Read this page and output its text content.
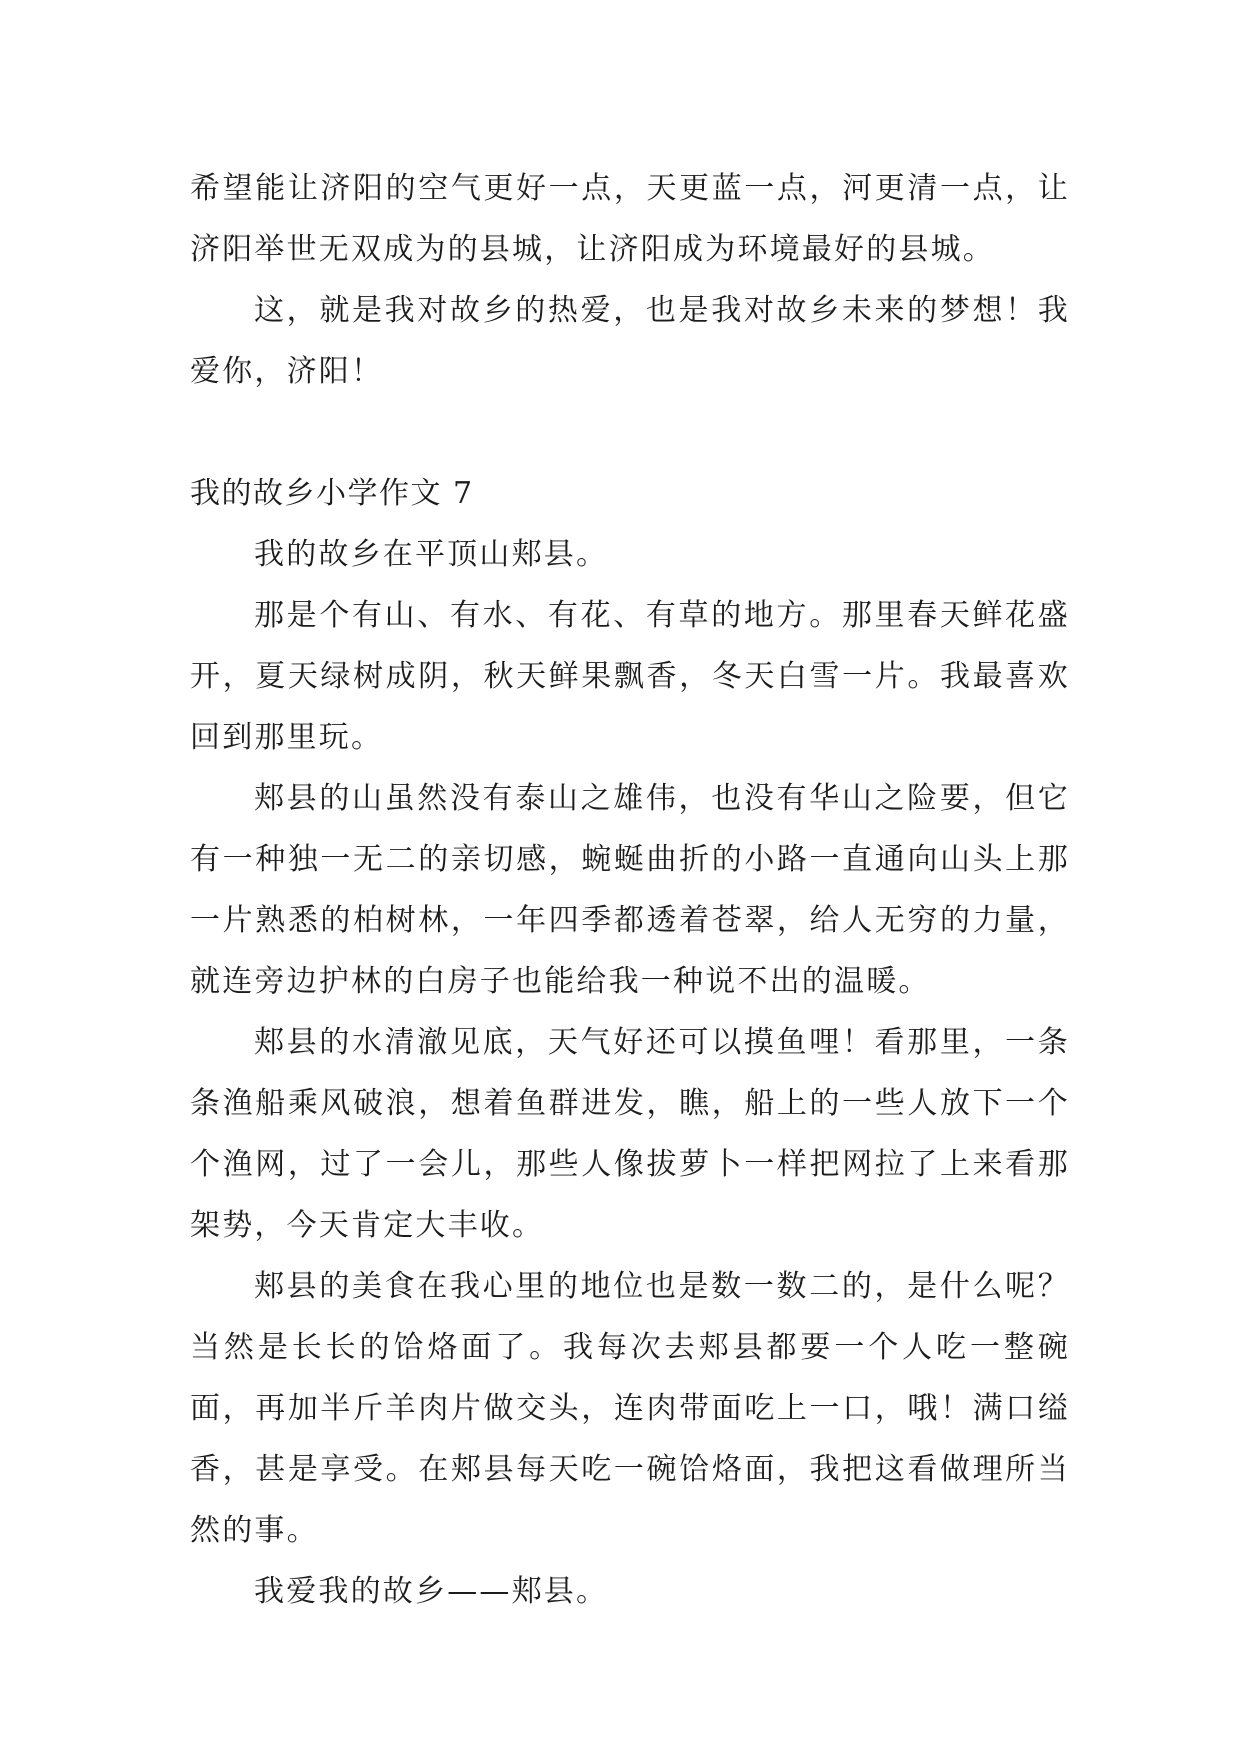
希望能让济阳的空气更好一点，天更蓝一点，河更清一点，让济阳举世无双成为的县城，让济阳成为环境最好的县城。

这，就是我对故乡的热爱，也是我对故乡未来的梦想！我爱你，济阳！

我的故乡小学作文 7

我的故乡在平顶山郏县。

那是个有山、有水、有花、有草的地方。那里春天鲜花盛开，夏天绿树成阴，秋天鲜果飘香，冬天白雪一片。我最喜欢回到那里玩。

郏县的山虽然没有泰山之雄伟，也没有华山之险要，但它有一种独一无二的亲切感，蜿蜒曲折的小路一直通向山头上那一片熟悉的柏树林，一年四季都透着苍翠，给人无穷的力量，就连旁边护林的白房子也能给我一种说不出的温暖。

郏县的水清澈见底，天气好还可以摸鱼哩！看那里，一条条渔船乘风破浪，想着鱼群进发，瞧，船上的一些人放下一个个渔网，过了一会儿，那些人像拔萝卜一样把网拉了上来看那架势，今天肯定大丰收。

郏县的美食在我心里的地位也是数一数二的，是什么呢？当然是长长的饸烙面了。我每次去郏县都要一个人吃一整碗面，再加半斤羊肉片做交头，连肉带面吃上一口，哦！满口缢香，甚是享受。在郏县每天吃一碗饸烙面，我把这看做理所当然的事。

我爱我的故乡——郏县。
